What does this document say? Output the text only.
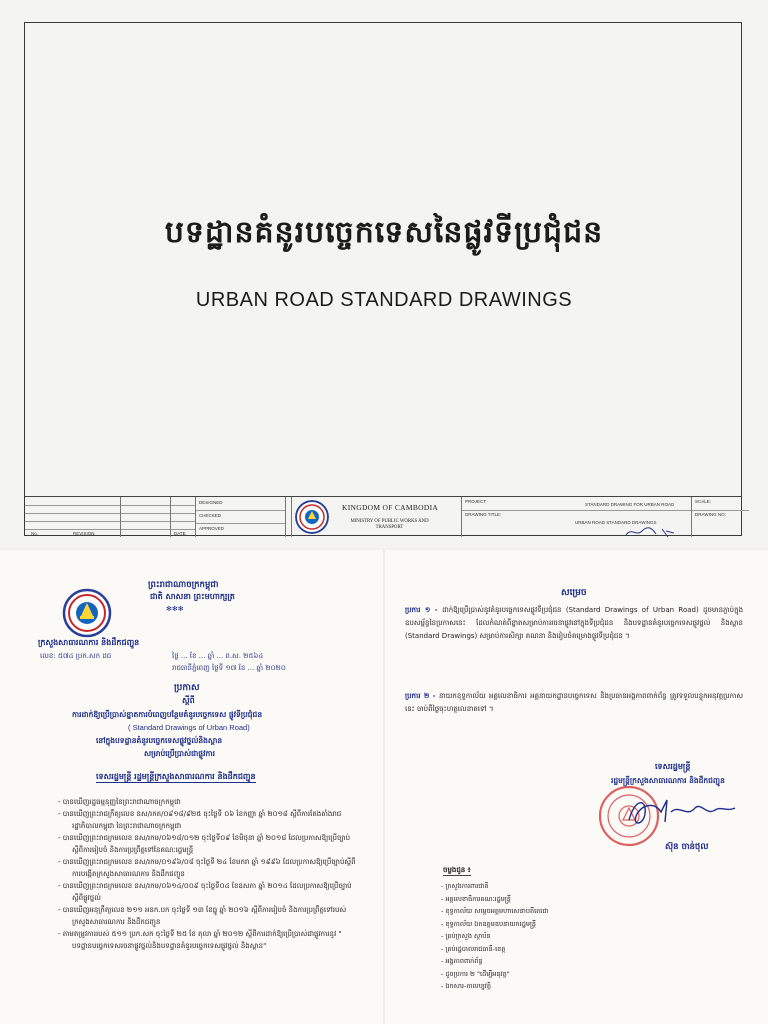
បទដ្ឋានគំនូរបច្ចេកទេសនៃផ្លូវទីប្រជុំជន
URBAN ROAD STANDARD DRAWINGS
No.	REVISION	DATE
DESIGNED
CHECKED
APPROVED
KINGDOM OF CAMBODIA
MINISTRY OF PUBLIC WORKS AND TRANSPORT
PROJECT:
DRAWING TITLE:
STANDARD DRAWING FOR URBAN ROAD
URBAN ROAD STANDARD DRAWINGS
SCALE:
DRAWING NO:
ព្រះរាជាណាចក្រកម្ពុជា
ជាតិ សាសនា ព្រះមហាក្សត្រ
✻✻✻
ក្រសួងសាធារណការ និងដឹកជញ្ជូន
លេខ: ៥៧៤ ប្រក.សក ដជ	ថ្ងៃ ... ខែ ... ឆ្នាំ ... ព.ស. ២៥៦៤
រាជធានីភ្នំពេញ ថ្ងៃទី ១៧ ខែ ... ឆ្នាំ ២០២០
ប្រកាស
ស្តីពី
ការដាក់ឱ្យប្រើប្រាស់ខ្នាតការបំពេញបន្ថែមគំនូរបច្ចេកទេស ផ្លូវទីប្រជុំជន
( Standard Drawings of Urban Road)
នៅក្នុងបទដ្ឋានគំនូរបច្ចេកទេសផ្លូវថ្នល់និងស្ពាន
សម្រាប់ប្រើប្រាស់ជាផ្លូវការ
ទេសរដ្ឋមន្ត្រី រដ្ឋមន្ត្រីក្រសួងសាធារណការ និងដឹកជញ្ជូន
- បានឃើញរដ្ឋធម្មនុញ្ញនៃព្រះរាជាណាចក្រកម្ពុជា
- បានឃើញព្រះរាជក្រឹត្យលេខ នស/រកត/០៩១៨/៩២៥ ចុះថ្ងៃទី ០៦ ខែកញ្ញា ឆ្នាំ ២០១៨ ស្តីពីការតែងតាំងរាជរដ្ឋាភិបាលកម្ពុជា នៃព្រះរាជាណាចក្រកម្ពុជា
- បានឃើញព្រះរាជក្រមលេខ នស/រកម/០៦១៨/០១២ ចុះថ្ងៃទី០៩ ខែមិថុនា ឆ្នាំ ២០១៨ ដែលប្រកាសឱ្យប្រើច្បាប់ស្តីពីការរៀបចំ និងការប្រព្រឹត្តទៅនៃគណៈរដ្ឋមន្ត្រី
- បានឃើញព្រះរាជក្រមលេខ នស/រកម/០១៩៦/០៨ ចុះថ្ងៃទី ២៤ ខែមករា ឆ្នាំ ១៩៩៦ ដែលប្រកាសឱ្យប្រើច្បាប់ស្តីពីការបង្កើតក្រសួងសាធារណការ និងដឹកជញ្ជូន
- បានឃើញព្រះរាជក្រមលេខ នស/រកម/០៦១៤/០០៩ ចុះថ្ងៃទី០៤ ខែឧសភា ឆ្នាំ ២០១៤ ដែលប្រកាសឱ្យប្រើច្បាប់ស្តីពីផ្លូវថ្នល់
- បានឃើញអនុក្រឹត្យលេខ ២១១ អនក.បក ចុះថ្ងៃទី ១៣ ខែធ្នូ ឆ្នាំ ២០១៦ ស្តីពីការរៀបចំ និងការប្រព្រឹត្តទៅរបស់ក្រសួងសាធារណការ និងដឹកជញ្ជូន
- តាមតម្រូវការរបស់ ៥១១ ប្រក.សក ចុះថ្ងៃទី ២៥ ខែ តុលា ឆ្នាំ ២០១២ ស្តីពីការដាក់ឱ្យប្រើប្រាស់ជាផ្លូវការនូវ " បទដ្ឋានបច្ចេកទេសរចនាផ្លូវថ្នល់និងបទដ្ឋានគំនូរបច្ចេកទេសផ្លូវថ្នល់ និងស្ពាន"
សម្រេច
ប្រការ ១ - ដាក់ឱ្យប្រើប្រាស់នូវគំនូរបច្ចេកទេសផ្លូវទីប្រជុំជន (Standard Drawings of Urban Road) ដូចមានភ្ជាប់ក្នុងឧបសម្ព័ន្ធនៃប្រកាសនេះ ដែលកំណត់ពីខ្នាតសម្រាប់ការរចនាផ្លូវនៅក្នុងទីប្រជុំជន និងបទដ្ឋានគំនូរបច្ចេកទេសផ្លូវថ្នល់ និងស្ពាន (Standard Drawings) សម្រាប់ការសិក្សា គណនា និងរៀបចំគម្រោងផ្លូវទីប្រជុំជន ។
ប្រការ ២ - នាយកខុទ្ទកាល័យ អគ្គលេខាធិការ អគ្គនាយកដ្ឋានបច្ចេកទេស និងប្រធានអង្គភាពពាក់ព័ន្ធ ត្រូវទទួលបន្ទុកអនុវត្តប្រកាសនេះ ចាប់ពីថ្ងៃចុះហត្ថលេខាតទៅ ។
ទេសរដ្ឋមន្ត្រី
រដ្ឋមន្ត្រីក្រសួងសាធារណការ និងដឹកជញ្ជូន
ស៊ុន ចាន់ថុល
ចម្លងជូន ៖
- ក្រសួងការពារជាតិ
- អគ្គលេខាធិការគណៈរដ្ឋមន្ត្រី
- ខុទ្ទកាល័យ សម្តេចអគ្គមហាសេនាបតីតេជោ
- ខុទ្ទកាល័យ ឯកឧត្តមឧបនាយករដ្ឋមន្ត្រី
- គ្រប់ក្រសួង ស្ថាប័ន
- គ្រប់រដ្ឋបាលរាជធានី-ខេត្ត
- អង្គភាពពាក់ព័ន្ធ
- ដូចប្រការ ២ "ដើម្បីអនុវត្ត"
- ឯកសារ-កាលប្បវត្តិ
